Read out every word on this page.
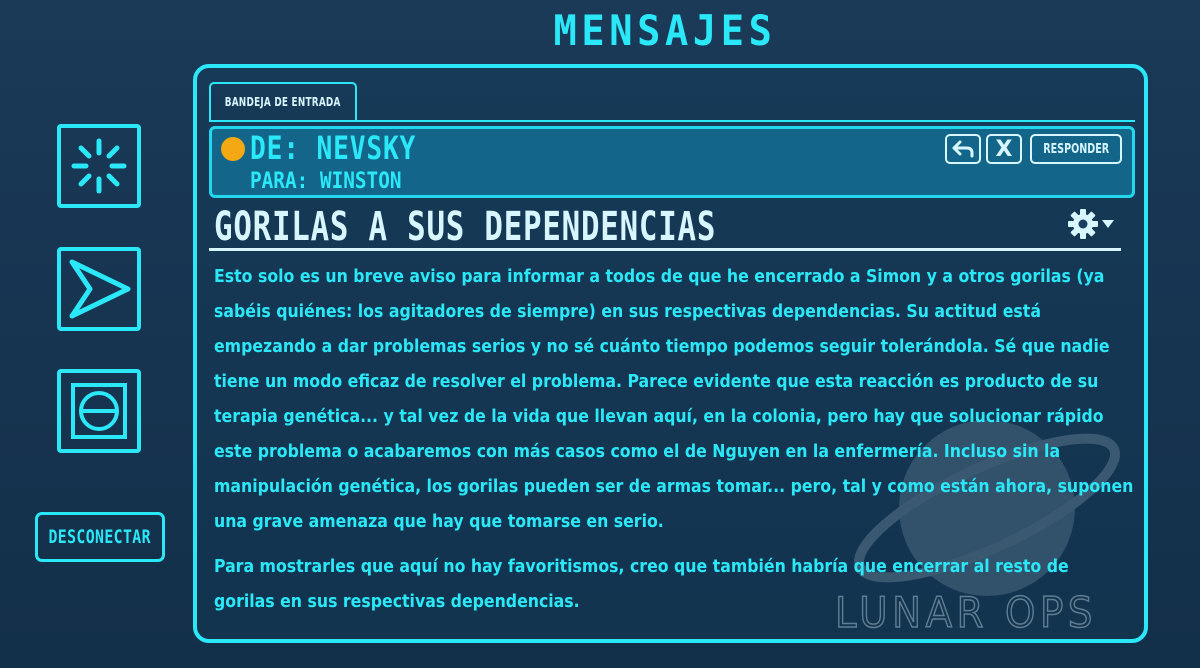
MENSAJES
DESCONECTAR
BANDEJA DE ENTRADA
DE: NEVSKY
PARA: WINSTON
X	RESPONDER
GORILAS A SUS DEPENDENCIAS
LUNAR OPS

Esto solo es un breve aviso para informar a todos de que he encerrado a Simon y a otros gorilas (ya sabéis quiénes: los agitadores de siempre) en sus respectivas dependencias. Su actitud está empezando a dar problemas serios y no sé cuánto tiempo podemos seguir tolerándola. Sé que nadie tiene un modo eficaz de resolver el problema. Parece evidente que esta reacción es producto de su terapia genética... y tal vez de la vida que llevan aquí, en la colonia, pero hay que solucionar rápido este problema o acabaremos con más casos como el de Nguyen en la enfermería. Incluso sin la manipulación genética, los gorilas pueden ser de armas tomar... pero, tal y como están ahora, suponen una grave amenaza que hay que tomarse en serio.

Para mostrarles que aquí no hay favoritismos, creo que también habría que encerrar al resto de gorilas en sus respectivas dependencias.
